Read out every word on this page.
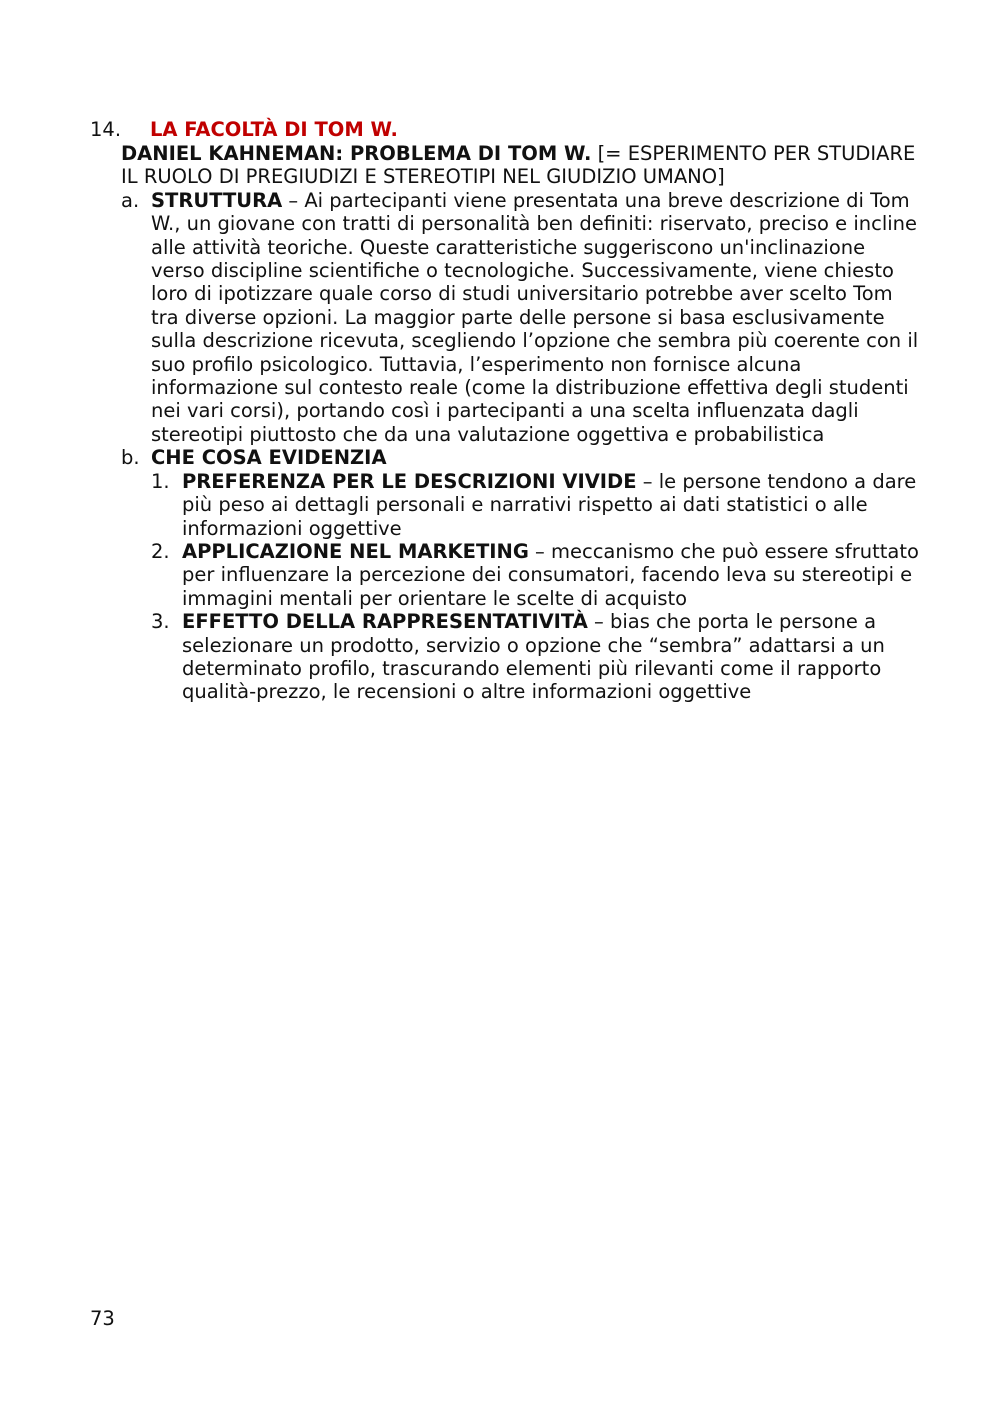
14. LA FACOLTÀ DI TOM W.
DANIEL KAHNEMAN: PROBLEMA DI TOM W. [= ESPERIMENTO PER STUDIARE IL RUOLO DI PREGIUDIZI E STEREOTIPI NEL GIUDIZIO UMANO]
a. STRUTTURA – Ai partecipanti viene presentata una breve descrizione di Tom W., un giovane con tratti di personalità ben definiti: riservato, preciso e incline alle attività teoriche. Queste caratteristiche suggeriscono un'inclinazione verso discipline scientifiche o tecnologiche. Successivamente, viene chiesto loro di ipotizzare quale corso di studi universitario potrebbe aver scelto Tom tra diverse opzioni. La maggior parte delle persone si basa esclusivamente sulla descrizione ricevuta, scegliendo l’opzione che sembra più coerente con il suo profilo psicologico. Tuttavia, l’esperimento non fornisce alcuna informazione sul contesto reale (come la distribuzione effettiva degli studenti nei vari corsi), portando così i partecipanti a una scelta influenzata dagli stereotipi piuttosto che da una valutazione oggettiva e probabilistica
b. CHE COSA EVIDENZIA
1. PREFERENZA PER LE DESCRIZIONI VIVIDE – le persone tendono a dare più peso ai dettagli personali e narrativi rispetto ai dati statistici o alle informazioni oggettive
2. APPLICAZIONE NEL MARKETING – meccanismo che può essere sfruttato per influenzare la percezione dei consumatori, facendo leva su stereotipi e immagini mentali per orientare le scelte di acquisto
3. EFFETTO DELLA RAPPRESENTATIVITÀ – bias che porta le persone a selezionare un prodotto, servizio o opzione che “sembra” adattarsi a un determinato profilo, trascurando elementi più rilevanti come il rapporto qualità-prezzo, le recensioni o altre informazioni oggettive
73
